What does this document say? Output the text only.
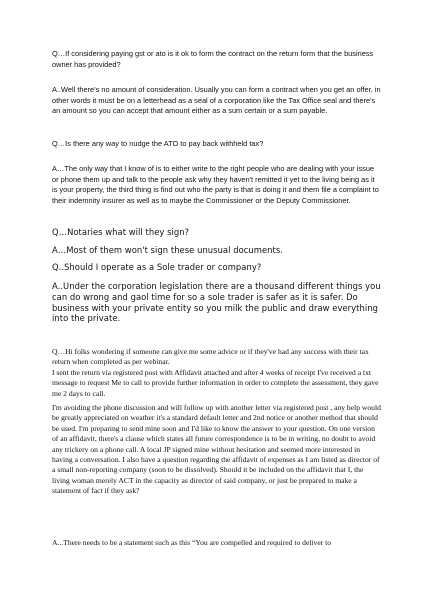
Q…If considering paying gst or ato is it ok to form the contract on the return form that the business owner has provided?

A..Well there's no amount of consideration. Usually you can form a contract when you get an offer, in other words it must be on a letterhead as a seal of a corporation like the Tax Office seal and there's an amount so you can accept that amount either as a sum certain or a sum payable.

Q…Is there any way to nudge the ATO to pay back withheld tax?

A…The only way that I know of is to either write to the right people who are dealing with your issue or phone them up and talk to the people ask why they haven't remitted it yet to the living being as it is your property, the third thing is find out who the party is that is doing it and them file a complaint to their indemnity insurer as well as to maybe the Commissioner or the Deputy Commissioner.

Q…Notaries what will they sign?

A…Most of them won't sign these unusual documents.

Q..Should I operate as a Sole trader or company?

A..Under the corporation legislation there are a thousand different things you can do wrong and gaol time for so a sole trader is safer as it is safer. Do business with your private entity so you milk the public and draw everything into the private.

Q…Hi folks wondering if someone can give me some advice or if they've had any success with their tax return when completed as per webinar.
I sent the return via registered post with Affidavit attached and after 4 weeks of receipt I've received a txt message to request Me to call to provide further information in order to complete the assessment, they gave me 2 days to call.

I'm avoiding the phone discussion and will follow up with another letter via registered post , any help would be greatly appreciated on weather it's a standard default letter and 2nd notice or another method that should be used. I'm preparing to send mine soon and I'd like to know the answer to your question. On one version of an affidavit, there's a clause which states all future correspondence is to be in writing, no doubt to avoid any trickery on a phone call. A local JP signed mine without hesitation and seemed more interested in having a conversation. I also have a question regarding the affidavit of expenses as I am listed as director of a small non-reporting company (soon to be dissolved). Should it be included on the affidavit that I, the living woman merely ACT in the capacity as director of said company, or just be prepared to make a statement of fact if they ask?

A...There needs to be a statement such as this “You are compelled and required to deliver to
